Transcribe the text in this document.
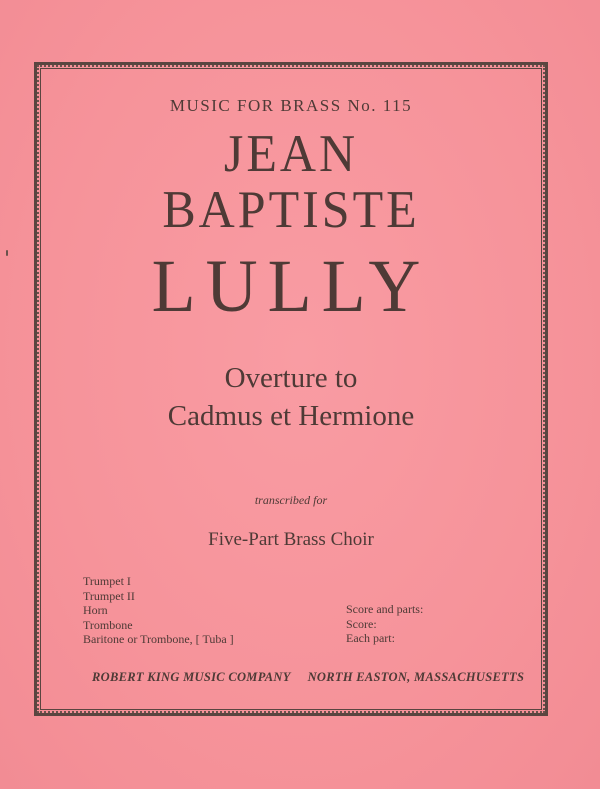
MUSIC FOR BRASS No. 115
JEAN
BAPTISTE
LULLY
Overture to
Cadmus et Hermione
transcribed for
Five-Part Brass Choir
Trumpet I
Trumpet II
Horn
Trombone
Baritone or Trombone, [ Tuba ]
Score and parts:
Score:
Each part:
ROBERT KING MUSIC COMPANY NORTH EASTON, MASSACHUSETTS
